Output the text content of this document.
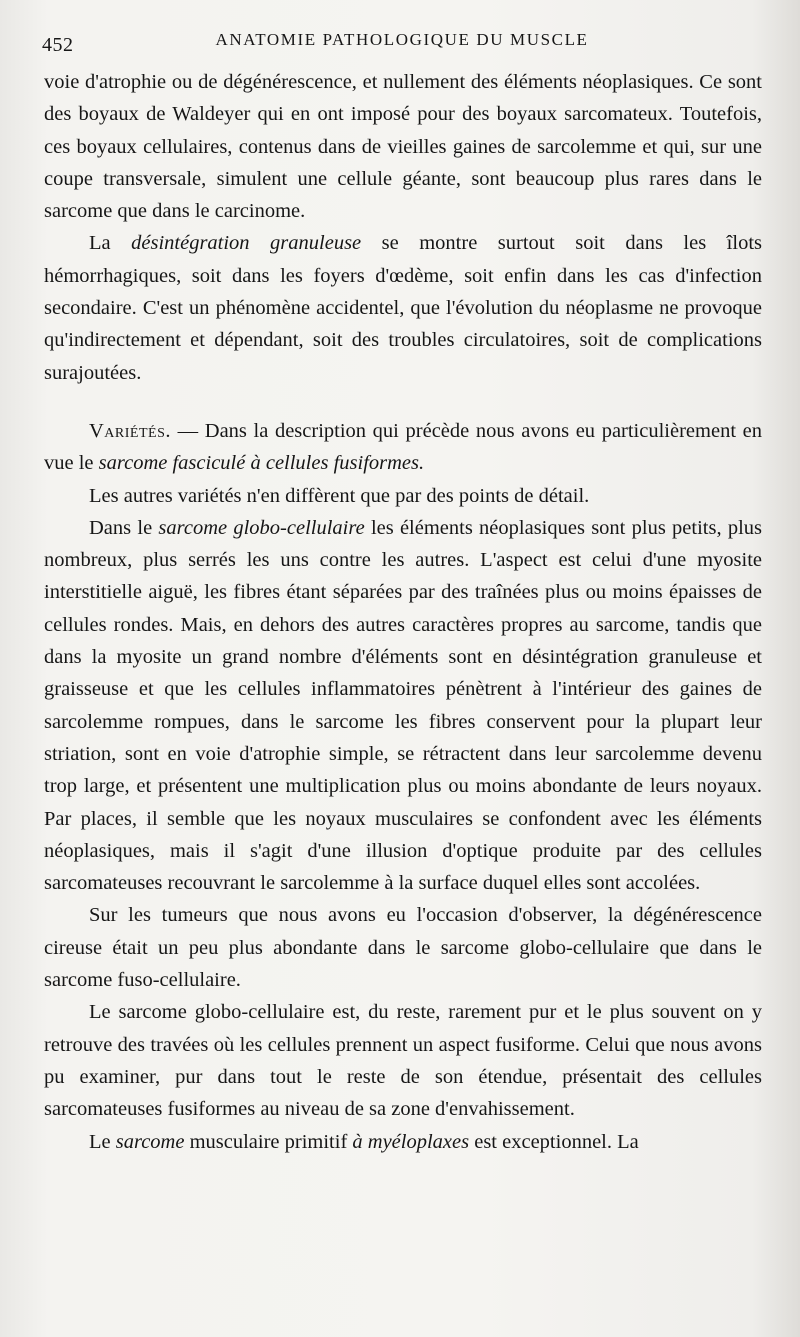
452	ANATOMIE PATHOLOGIQUE DU MUSCLE

voie d'atrophie ou de dégénérescence, et nullement des éléments néoplasiques. Ce sont des boyaux de Waldeyer qui en ont imposé pour des boyaux sarcomateux. Toutefois, ces boyaux cellulaires, contenus dans de vieilles gaines de sarcolemme et qui, sur une coupe transversale, simulent une cellule géante, sont beaucoup plus rares dans le sarcome que dans le carcinome.

La désintégration granuleuse se montre surtout soit dans les îlots hémorrhagiques, soit dans les foyers d'œdème, soit enfin dans les cas d'infection secondaire. C'est un phénomène accidentel, que l'évolution du néoplasme ne provoque qu'indirectement et dépendant, soit des troubles circulatoires, soit de complications surajoutées.

Variétés. — Dans la description qui précède nous avons eu particulièrement en vue le sarcome fasciculé à cellules fusiformes.

Les autres variétés n'en diffèrent que par des points de détail.

Dans le sarcome globo-cellulaire les éléments néoplasiques sont plus petits, plus nombreux, plus serrés les uns contre les autres. L'aspect est celui d'une myosite interstitielle aiguë, les fibres étant séparées par des traînées plus ou moins épaisses de cellules rondes. Mais, en dehors des autres caractères propres au sarcome, tandis que dans la myosite un grand nombre d'éléments sont en désintégration granuleuse et graisseuse et que les cellules inflammatoires pénètrent à l'intérieur des gaines de sarcolemme rompues, dans le sarcome les fibres conservent pour la plupart leur striation, sont en voie d'atrophie simple, se rétractent dans leur sarcolemme devenu trop large, et présentent une multiplication plus ou moins abondante de leurs noyaux. Par places, il semble que les noyaux musculaires se confondent avec les éléments néoplasiques, mais il s'agit d'une illusion d'optique produite par des cellules sarcomateuses recouvrant le sarcolemme à la surface duquel elles sont accolées.

Sur les tumeurs que nous avons eu l'occasion d'observer, la dégénérescence cireuse était un peu plus abondante dans le sarcome globo-cellulaire que dans le sarcome fuso-cellulaire.

Le sarcome globo-cellulaire est, du reste, rarement pur et le plus souvent on y retrouve des travées où les cellules prennent un aspect fusiforme. Celui que nous avons pu examiner, pur dans tout le reste de son étendue, présentait des cellules sarcomateuses fusiformes au niveau de sa zone d'envahissement.

Le sarcome musculaire primitif à myéloplaxes est exceptionnel. La
